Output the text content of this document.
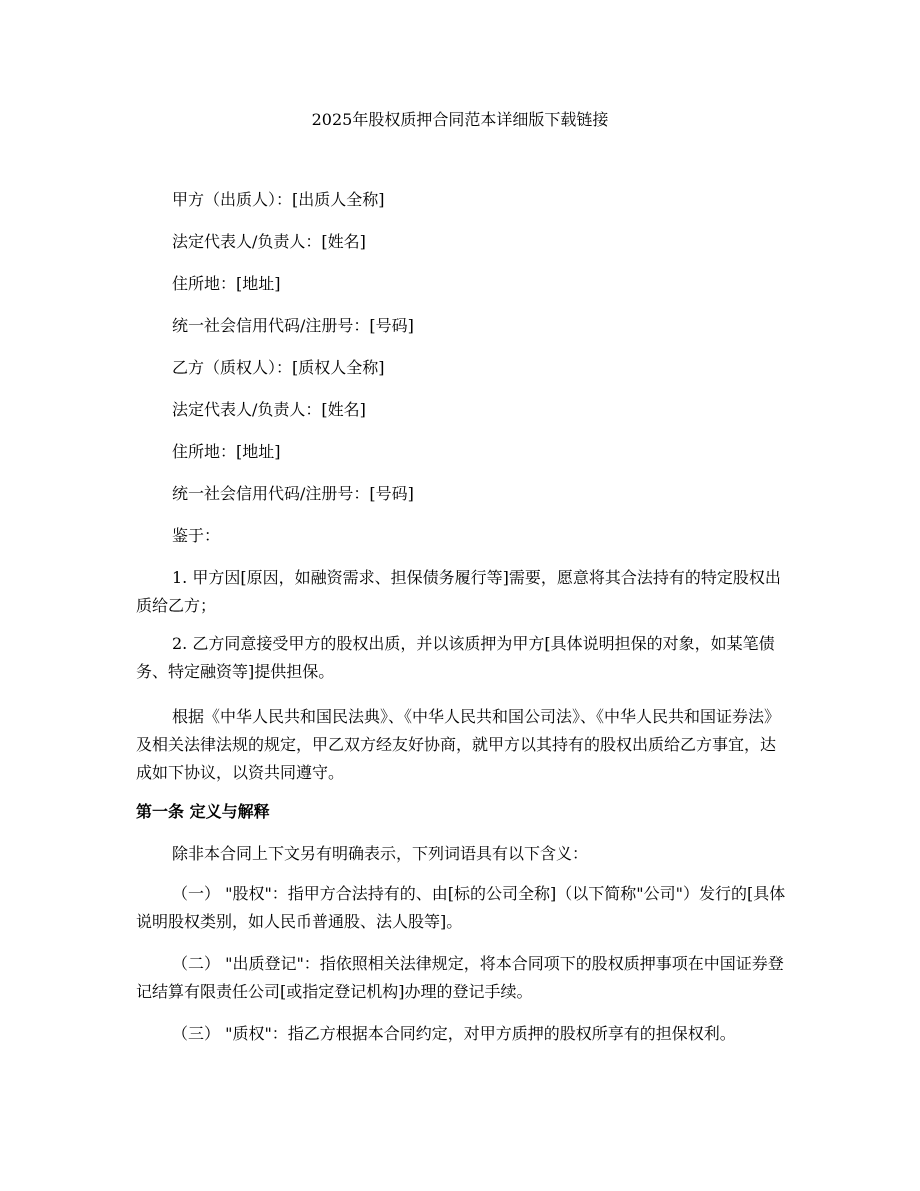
2025年股权质押合同范本详细版下载链接
甲方（出质人）：[出质人全称]
法定代表人/负责人：[姓名]
住所地：[地址]
统一社会信用代码/注册号：[号码]
乙方（质权人）：[质权人全称]
法定代表人/负责人：[姓名]
住所地：[地址]
统一社会信用代码/注册号：[号码]
鉴于：

1. 甲方因[原因，如融资需求、担保债务履行等]需要，愿意将其合法持有的特定股权出质给乙方；

2. 乙方同意接受甲方的股权出质，并以该质押为甲方[具体说明担保的对象，如某笔债务、特定融资等]提供担保。

根据《中华人民共和国民法典》、《中华人民共和国公司法》、《中华人民共和国证券法》及相关法律法规的规定，甲乙双方经友好协商，就甲方以其持有的股权出质给乙方事宜，达成如下协议，以资共同遵守。

第一条 定义与解释
除非本合同上下文另有明确表示，下列词语具有以下含义：

（一） "股权"：指甲方合法持有的、由[标的公司全称]（以下简称"公司"）发行的[具体说明股权类别，如人民币普通股、法人股等]。

（二） "出质登记"：指依照相关法律规定，将本合同项下的股权质押事项在中国证券登记结算有限责任公司[或指定登记机构]办理的登记手续。

（三） "质权"：指乙方根据本合同约定，对甲方质押的股权所享有的担保权利。
